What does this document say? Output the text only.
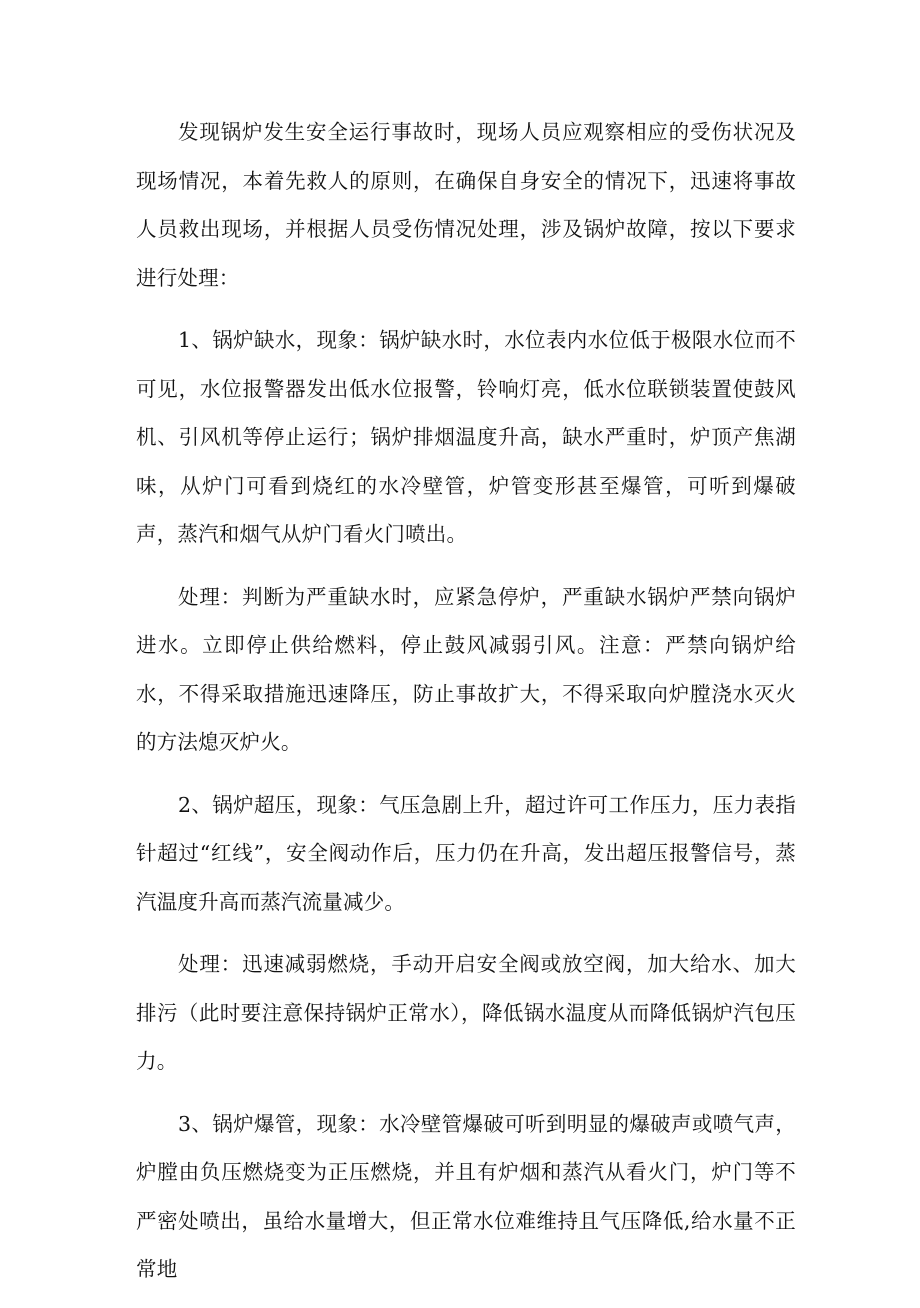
发现锅炉发生安全运行事故时，现场人员应观察相应的受伤状况及现场情况，本着先救人的原则，在确保自身安全的情况下，迅速将事故人员救出现场，并根据人员受伤情况处理，涉及锅炉故障，按以下要求进行处理：

1、锅炉缺水，现象：锅炉缺水时，水位表内水位低于极限水位而不可见，水位报警器发出低水位报警，铃响灯亮，低水位联锁装置使鼓风机、引风机等停止运行；锅炉排烟温度升高，缺水严重时，炉顶产焦湖味，从炉门可看到烧红的水冷壁管，炉管变形甚至爆管，可听到爆破声，蒸汽和烟气从炉门看火门喷出。

处理：判断为严重缺水时，应紧急停炉，严重缺水锅炉严禁向锅炉进水。立即停止供给燃料，停止鼓风减弱引风。注意：严禁向锅炉给水，不得采取措施迅速降压，防止事故扩大，不得采取向炉膛浇水灭火的方法熄灭炉火。

2、锅炉超压，现象：气压急剧上升，超过许可工作压力，压力表指针超过“红线”，安全阀动作后，压力仍在升高，发出超压报警信号，蒸汽温度升高而蒸汽流量减少。

处理：迅速减弱燃烧，手动开启安全阀或放空阀，加大给水、加大排污（此时要注意保持锅炉正常水），降低锅水温度从而降低锅炉汽包压力。

3、锅炉爆管，现象：水冷壁管爆破可听到明显的爆破声或喷气声，炉膛由负压燃烧变为正压燃烧，并且有炉烟和蒸汽从看火门，炉门等不严密处喷出，虽给水量增大，但正常水位难维持且气压降低,给水量不正常地
